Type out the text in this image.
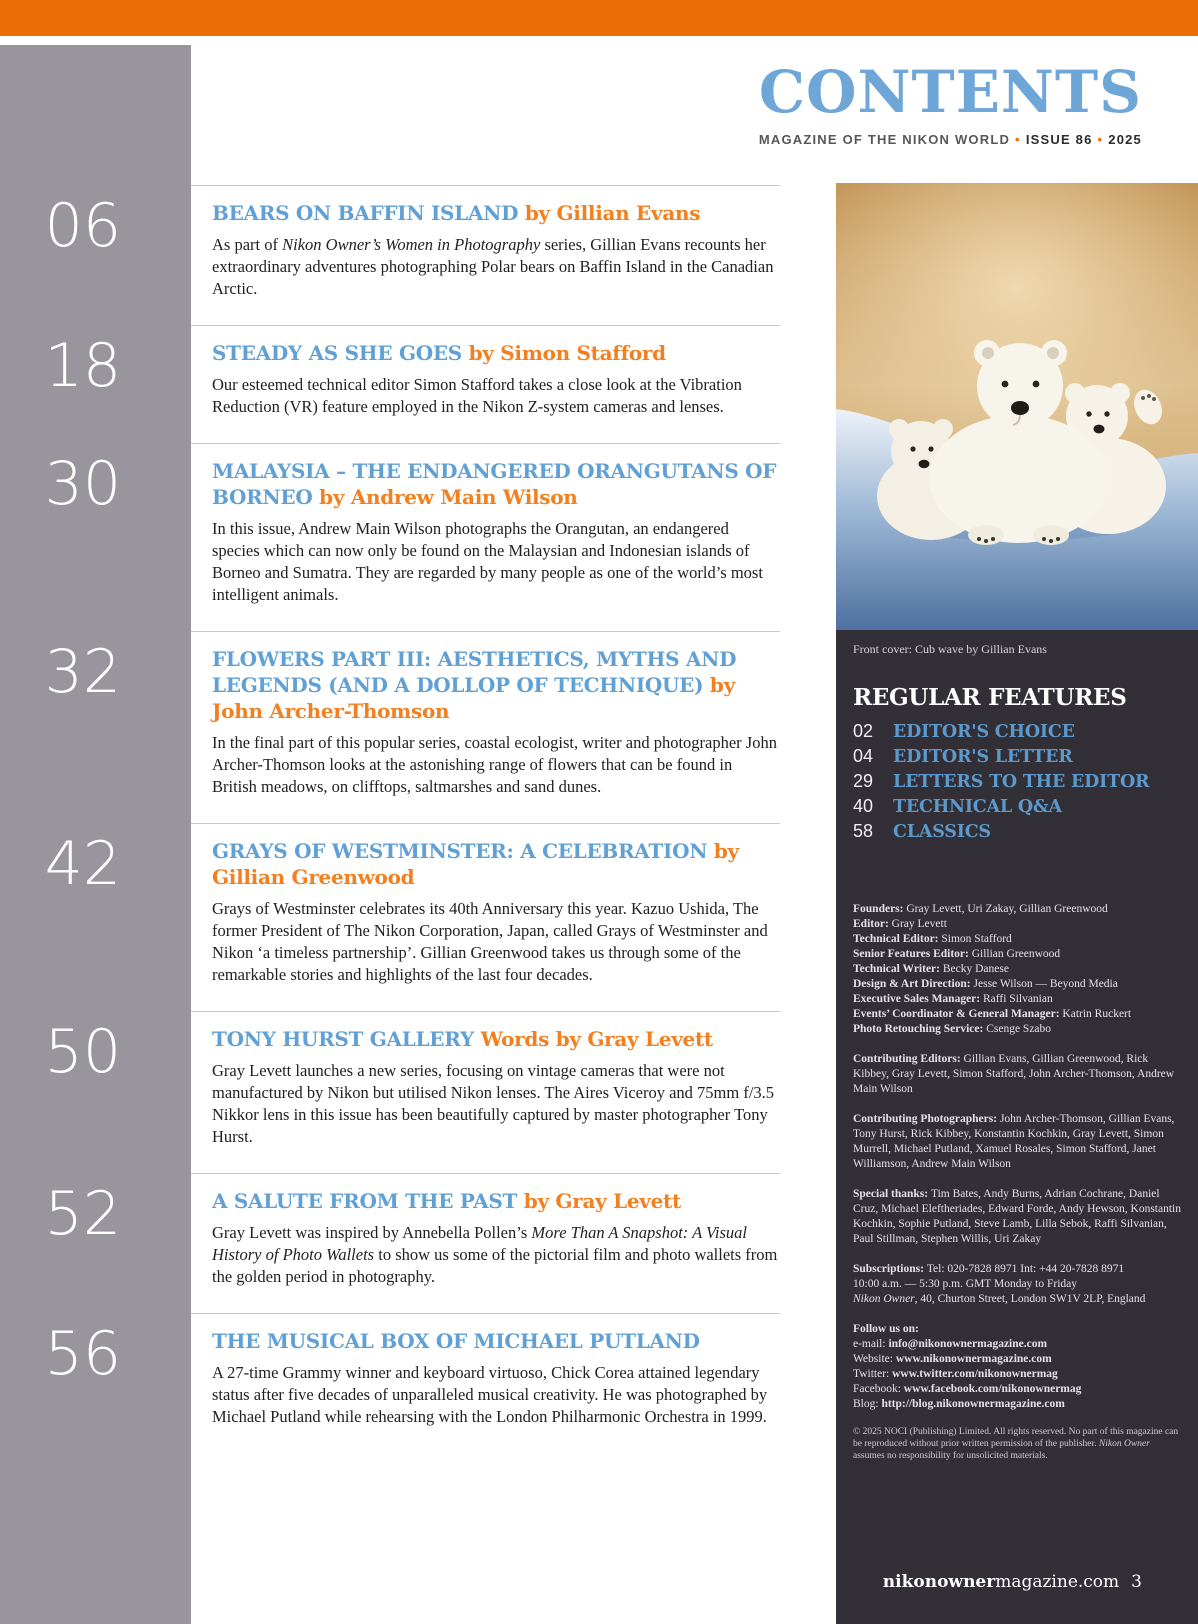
CONTENTS
MAGAZINE OF THE NIKON WORLD • ISSUE 86 • 2025
06	BEARS ON BAFFIN ISLAND by Gillian Evans

As part of Nikon Owner’s Women in Photography series, Gillian Evans recounts her extraordinary adventures photographing Polar bears on Baffin Island in the Canadian Arctic.

18	STEADY AS SHE GOES by Simon Stafford

Our esteemed technical editor Simon Stafford takes a close look at the Vibration Reduction (VR) feature employed in the Nikon Z-system cameras and lenses.

30	MALAYSIA – THE ENDANGERED ORANGUTANS OF BORNEO by Andrew Main Wilson

In this issue, Andrew Main Wilson photographs the Orangutan, an endangered species which can now only be found on the Malaysian and Indonesian islands of Borneo and Sumatra. They are regarded by many people as one of the world’s most intelligent animals.

32	FLOWERS PART III: AESTHETICS, MYTHS AND LEGENDS (AND A DOLLOP OF TECHNIQUE) by John Archer-Thomson

In the final part of this popular series, coastal ecologist, writer and photographer John Archer-Thomson looks at the astonishing range of flowers that can be found in British meadows, on clifftops, saltmarshes and sand dunes.

42	GRAYS OF WESTMINSTER: A CELEBRATION by Gillian Greenwood

Grays of Westminster celebrates its 40th Anniversary this year. Kazuo Ushida, The former President of The Nikon Corporation, Japan, called Grays of Westminster and Nikon ‘a timeless partnership’. Gillian Greenwood takes us through some of the remarkable stories and highlights of the last four decades.

50	TONY HURST GALLERY Words by Gray Levett

Gray Levett launches a new series, focusing on vintage cameras that were not manufactured by Nikon but utilised Nikon lenses. The Aires Viceroy and 75mm f/3.5 Nikkor lens in this issue has been beautifully captured by master photographer Tony Hurst.

52	A SALUTE FROM THE PAST by Gray Levett

Gray Levett was inspired by Annebella Pollen’s More Than A Snapshot: A Visual History of Photo Wallets to show us some of the pictorial film and photo wallets from the golden period in photography.

56	THE MUSICAL BOX OF MICHAEL PUTLAND

A 27-time Grammy winner and keyboard virtuoso, Chick Corea attained legendary status after five decades of unparalleled musical creativity. He was photographed by Michael Putland while rehearsing with the London Philharmonic Orchestra in 1999.

Front cover: Cub wave by Gillian Evans
REGULAR FEATURES
02	EDITOR'S CHOICE
04	EDITOR'S LETTER
29	LETTERS TO THE EDITOR
40	TECHNICAL Q&A
58	CLASSICS
Founders: Gray Levett, Uri Zakay, Gillian Greenwood
Editor: Gray Levett
Technical Editor: Simon Stafford
Senior Features Editor: Gillian Greenwood
Technical Writer: Becky Danese
Design & Art Direction: Jesse Wilson — Beyond Media
Executive Sales Manager: Raffi Silvanian
Events’ Coordinator & General Manager: Katrin Ruckert
Photo Retouching Service: Csenge Szabo
Contributing Editors: Gillian Evans, Gillian Greenwood, Rick Kibbey, Gray Levett, Simon Stafford, John Archer-Thomson, Andrew Main Wilson
Contributing Photographers: John Archer-Thomson, Gillian Evans, Tony Hurst, Rick Kibbey, Konstantin Kochkin, Gray Levett, Simon Murrell, Michael Putland, Xamuel Rosales, Simon Stafford, Janet Williamson, Andrew Main Wilson
Special thanks: Tim Bates, Andy Burns, Adrian Cochrane, Daniel Cruz, Michael Eleftheriades, Edward Forde, Andy Hewson, Konstantin Kochkin, Sophie Putland, Steve Lamb, Lilla Sebok, Raffi Silvanian, Paul Stillman, Stephen Willis, Uri Zakay
Subscriptions: Tel: 020-7828 8971 Int: +44 20-7828 8971
10:00 a.m. — 5:30 p.m. GMT Monday to Friday
Nikon Owner, 40, Churton Street, London SW1V 2LP, England
Follow us on:
e-mail: info@nikonownermagazine.com
Website: www.nikonownermagazine.com
Twitter: www.twitter.com/nikonownermag
Facebook: www.facebook.com/nikonownermag
Blog: http://blog.nikonownermagazine.com
© 2025 NOCI (Publishing) Limited. All rights reserved. No part of this magazine can be reproduced without prior written permission of the publisher. Nikon Owner assumes no responsibility for unsolicited materials.
nikonownermagazine.com 3
